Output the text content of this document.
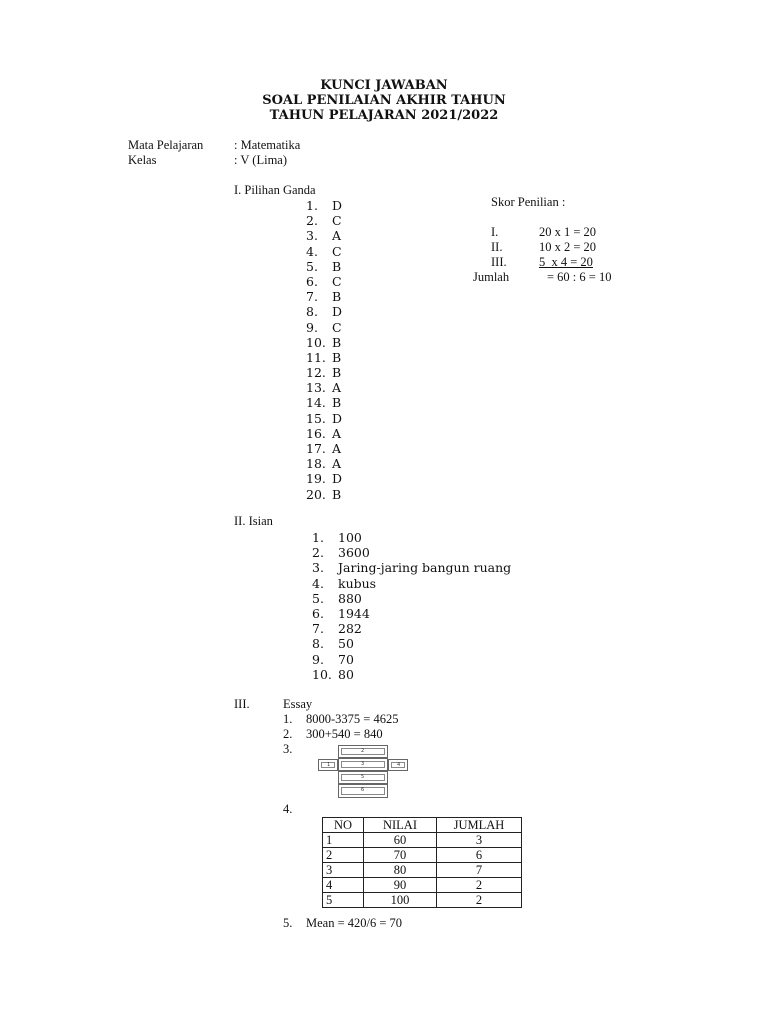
KUNCI JAWABAN
SOAL PENILAIAN AKHIR TAHUN
TAHUN PELAJARAN 2021/2022
Mata Pelajaran : Matematika
Kelas	: V (Lima)
I. Pilihan Ganda
1. D
2. C
3. A
4. C
5. B
6. C
7. B
8. D
9. C
10. B
11. B
12. B
13. A
14. B
15. D
16. A
17. A
18. A
19. D
20. B
Skor Penilian :
I.	20 x 1 = 20
II.	10 x 2 = 20
III.	5  x 4 = 20
Jumlah	= 60 : 6 = 10
II. Isian
1. 100
2. 3600
3. Jaring-jaring bangun ruang
4. kubus
5. 880
6. 1944
7. 282
8. 50
9. 70
10. 80
III.	Essay
1. 8000-3375 = 4625
2. 300+540 = 840
3.	2
1	3	4
5
6
4.
NO	NILAI	JUMLAH
1	60	3
2	70	6
3	80	7
4	90	2
5	100	2
5. Mean = 420/6 = 70
